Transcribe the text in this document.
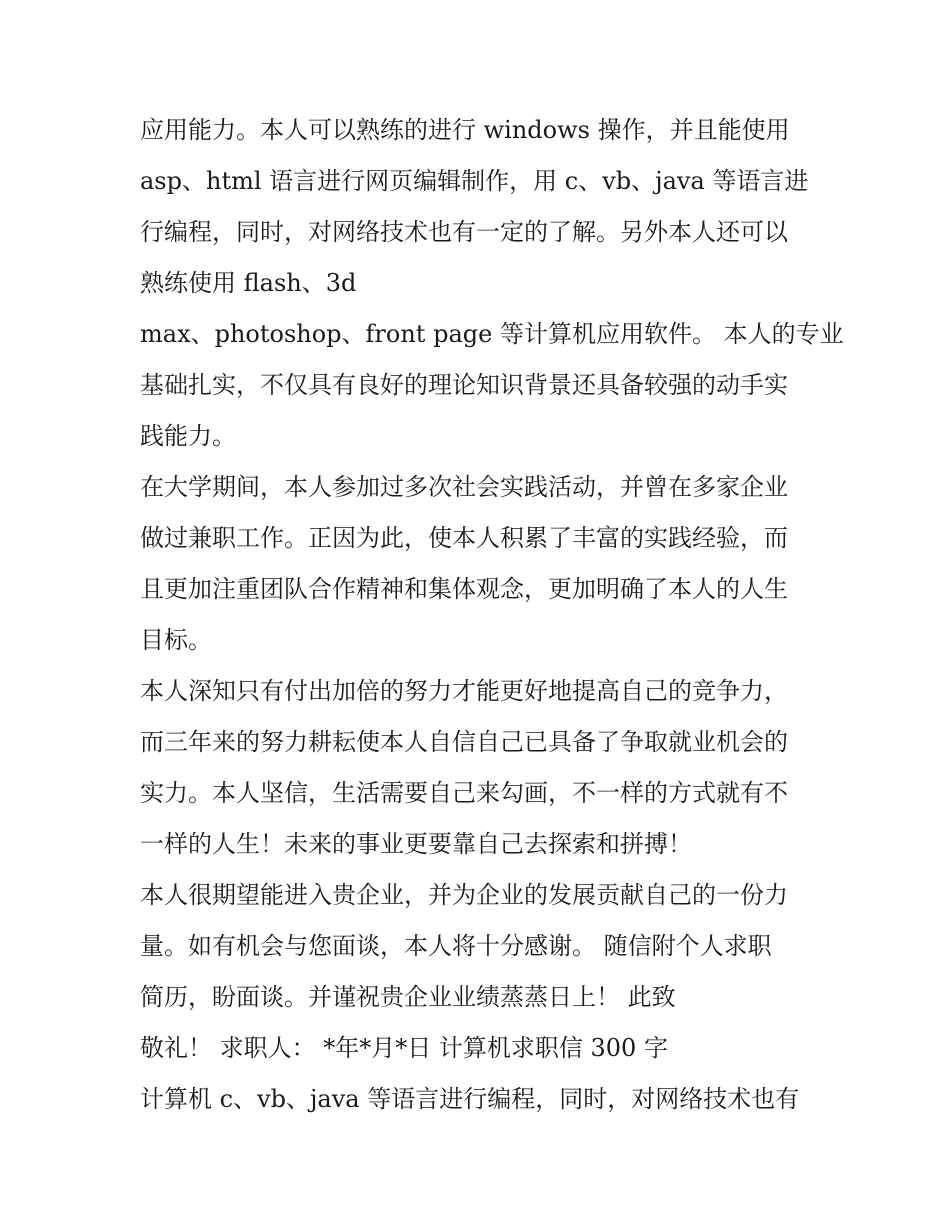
应用能力。本人可以熟练的进行 windows 操作，并且能使用
asp、html 语言进行网页编辑制作，用 c、vb、java 等语言进
行编程，同时，对网络技术也有一定的了解。另外本人还可以
熟练使用 flash、3d
max、photoshop、front page 等计算机应用软件。 本人的专业
基础扎实，不仅具有良好的理论知识背景还具备较强的动手实
践能力。
在大学期间，本人参加过多次社会实践活动，并曾在多家企业
做过兼职工作。正因为此，使本人积累了丰富的实践经验，而
且更加注重团队合作精神和集体观念，更加明确了本人的人生
目标。
本人深知只有付出加倍的努力才能更好地提高自己的竞争力，
而三年来的努力耕耘使本人自信自己已具备了争取就业机会的
实力。本人坚信，生活需要自己来勾画，不一样的方式就有不
一样的人生！未来的事业更要靠自己去探索和拼搏！
本人很期望能进入贵企业，并为企业的发展贡献自己的一份力
量。如有机会与您面谈，本人将十分感谢。 随信附个人求职
简历，盼面谈。并谨祝贵企业业绩蒸蒸日上！ 此致
敬礼！ 求职人： *年*月*日 计算机求职信 300 字
计算机 c、vb、java 等语言进行编程，同时，对网络技术也有
